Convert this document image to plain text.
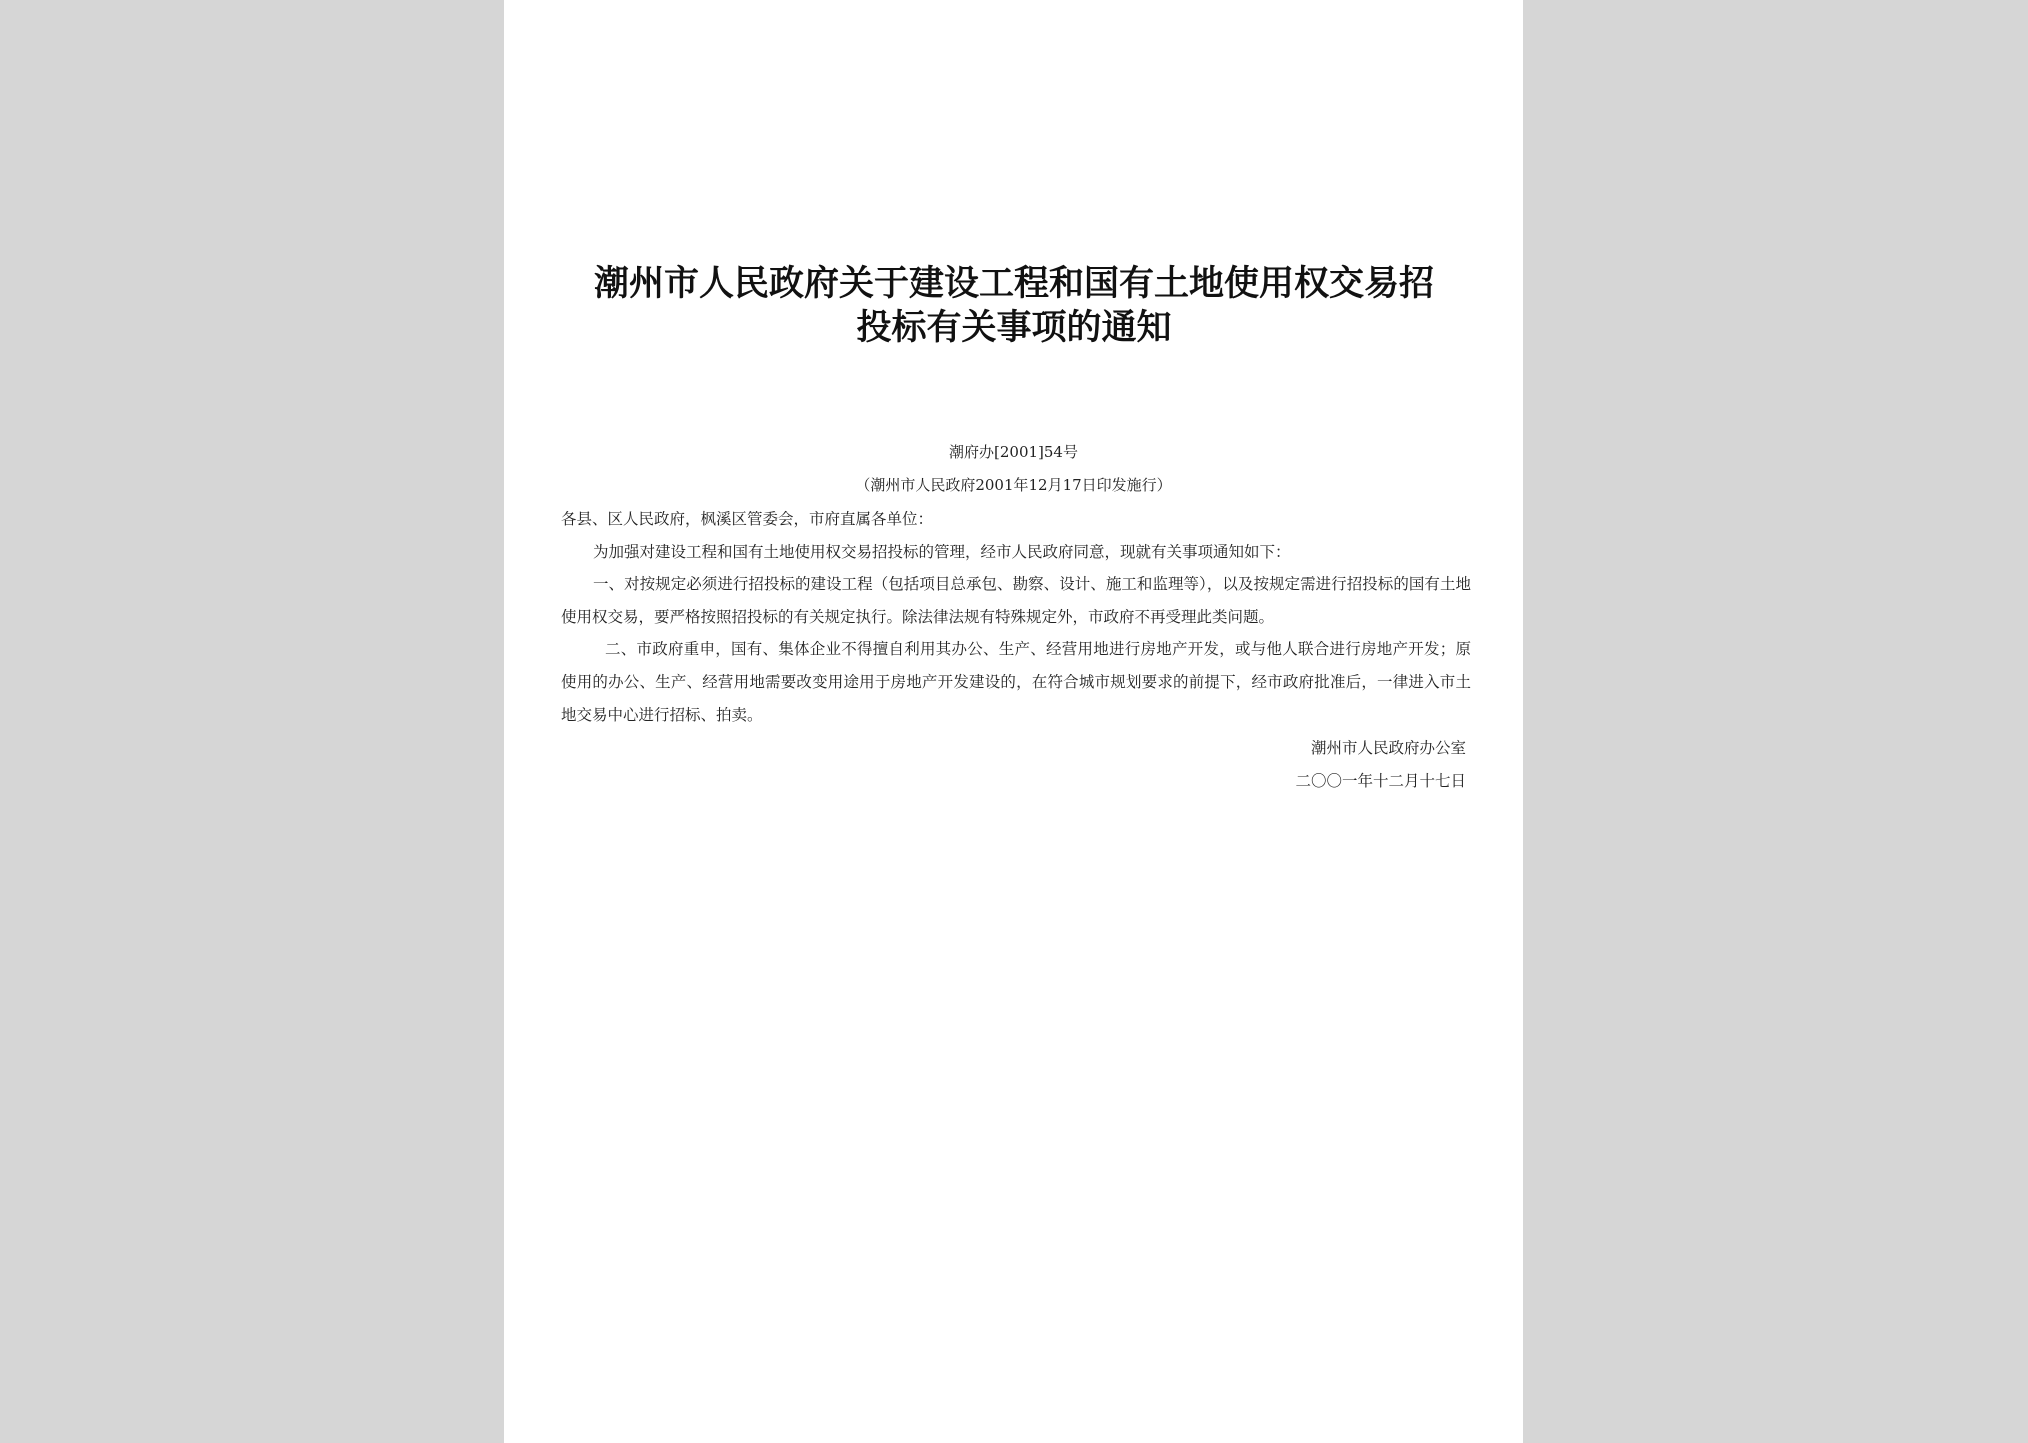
潮州市人民政府关于建设工程和国有土地使用权交易招
投标有关事项的通知
潮府办[2001]54号
（潮州市人民政府2001年12月17日印发施行）

各县、区人民政府，枫溪区管委会，市府直属各单位：

为加强对建设工程和国有土地使用权交易招投标的管理，经市人民政府同意，现就有关事项通知如下：

一、对按规定必须进行招投标的建设工程（包括项目总承包、勘察、设计、施工和监理等），以及按规定需进行招投标的国有土地使用权交易，要严格按照招投标的有关规定执行。除法律法规有特殊规定外，市政府不再受理此类问题。

二、市政府重申，国有、集体企业不得擅自利用其办公、生产、经营用地进行房地产开发，或与他人联合进行房地产开发；原使用的办公、生产、经营用地需要改变用途用于房地产开发建设的，在符合城市规划要求的前提下，经市政府批准后，一律进入市土地交易中心进行招标、拍卖。

潮州市人民政府办公室
二〇〇一年十二月十七日
